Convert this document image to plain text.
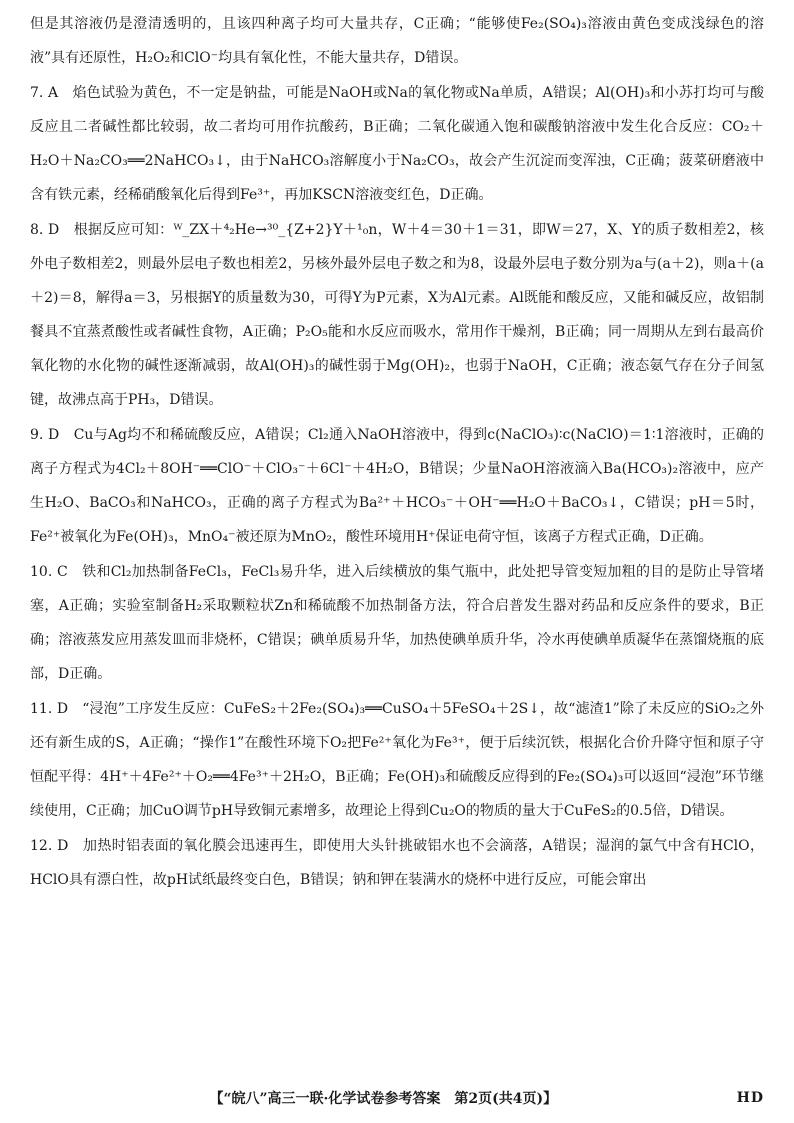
但是其溶液仍是澄清透明的，且该四种离子均可大量共存，C正确；“能够使Fe₂(SO₄)₃溶液由黄色变成浅绿色的溶液”具有还原性，H₂O₂和ClO⁻均具有氧化性，不能大量共存，D错误。

7. A　焰色试验为黄色，不一定是钠盐，可能是NaOH或Na的氧化物或Na单质，A错误；Al(OH)₃和小苏打均可与酸反应且二者碱性都比较弱，故二者均可用作抗酸药，B正确；二氧化碳通入饱和碳酸钠溶液中发生化合反应：CO₂＋H₂O＋Na₂CO₃══2NaHCO₃↓，由于NaHCO₃溶解度小于Na₂CO₃，故会产生沉淀而变浑浊，C正确；菠菜研磨液中含有铁元素，经稀硝酸氧化后得到Fe³⁺，再加KSCN溶液变红色，D正确。

8. D　根据反应可知：ᵂ_ZX＋⁴₂He→³⁰_{Z+2}Y＋¹₀n，W＋4＝30＋1＝31，即W＝27，X、Y的质子数相差2，核外电子数相差2，则最外层电子数也相差2，另核外最外层电子数之和为8，设最外层电子数分别为a与(a＋2)，则a＋(a＋2)＝8，解得a＝3，另根据Y的质量数为30，可得Y为P元素，X为Al元素。Al既能和酸反应，又能和碱反应，故铝制餐具不宜蒸煮酸性或者碱性食物，A正确；P₂O₅能和水反应而吸水，常用作干燥剂，B正确；同一周期从左到右最高价氧化物的水化物的碱性逐渐减弱，故Al(OH)₃的碱性弱于Mg(OH)₂，也弱于NaOH，C正确；液态氨气存在分子间氢键，故沸点高于PH₃，D错误。

9. D　Cu与Ag均不和稀硫酸反应，A错误；Cl₂通入NaOH溶液中，得到c(NaClO₃)∶c(NaClO)＝1∶1溶液时，正确的离子方程式为4Cl₂＋8OH⁻══ClO⁻＋ClO₃⁻＋6Cl⁻＋4H₂O，B错误；少量NaOH溶液滴入Ba(HCO₃)₂溶液中，应产生H₂O、BaCO₃和NaHCO₃，正确的离子方程式为Ba²⁺＋HCO₃⁻＋OH⁻══H₂O＋BaCO₃↓，C错误；pH＝5时，Fe²⁺被氧化为Fe(OH)₃，MnO₄⁻被还原为MnO₂，酸性环境用H⁺保证电荷守恒，该离子方程式正确，D正确。

10. C　铁和Cl₂加热制备FeCl₃，FeCl₃易升华，进入后续横放的集气瓶中，此处把导管变短加粗的目的是防止导管堵塞，A正确；实验室制备H₂采取颗粒状Zn和稀硫酸不加热制备方法，符合启普发生器对药品和反应条件的要求，B正确；溶液蒸发应用蒸发皿而非烧杯，C错误；碘单质易升华，加热使碘单质升华，冷水再使碘单质凝华在蒸馏烧瓶的底部，D正确。

11. D　“浸泡”工序发生反应：CuFeS₂＋2Fe₂(SO₄)₃══CuSO₄＋5FeSO₄＋2S↓，故“滤渣1”除了未反应的SiO₂之外还有新生成的S，A正确；“操作1”在酸性环境下O₂把Fe²⁺氧化为Fe³⁺，便于后续沉铁，根据化合价升降守恒和原子守恒配平得：4H⁺＋4Fe²⁺＋O₂══4Fe³⁺＋2H₂O，B正确；Fe(OH)₃和硫酸反应得到的Fe₂(SO₄)₃可以返回“浸泡”环节继续使用，C正确；加CuO调节pH导致铜元素增多，故理论上得到Cu₂O的物质的量大于CuFeS₂的0.5倍，D错误。

12. D　加热时铝表面的氧化膜会迅速再生，即使用大头针挑破铝水也不会滴落，A错误；湿润的氯气中含有HClO，HClO具有漂白性，故pH试纸最终变白色，B错误；钠和钾在装满水的烧杯中进行反应，可能会窜出

【“皖八”高三一联·化学试卷参考答案　第2页(共4页)】	HD
